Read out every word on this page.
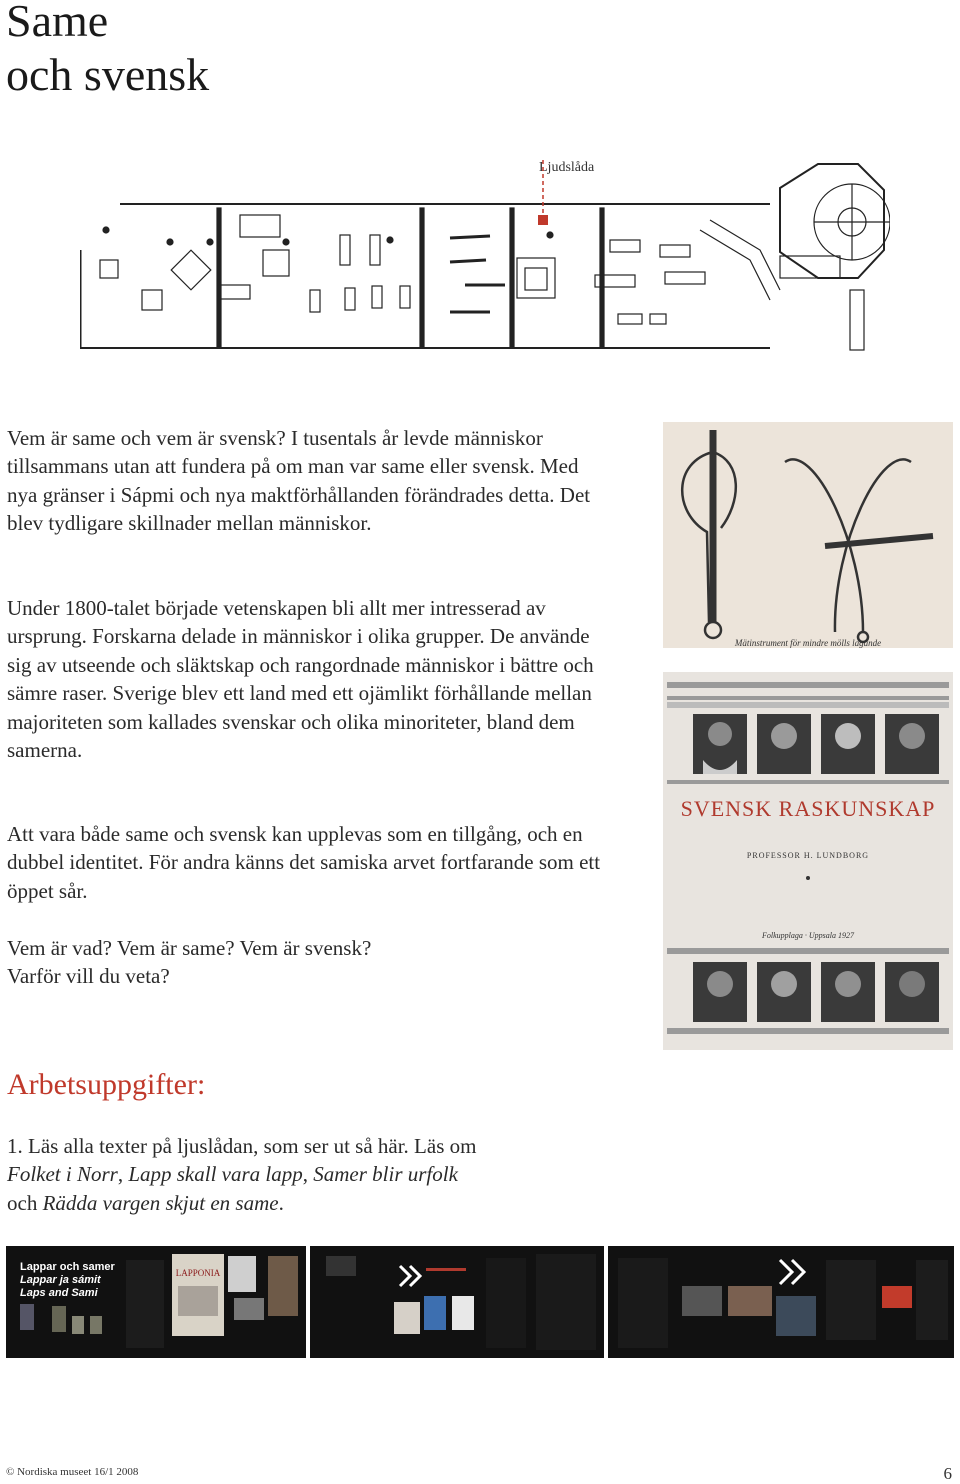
Same
och svensk
Ljudslåda

Vem är same och vem är svensk? I tusentals år levde människor tillsammans utan att fundera på om man var same eller svensk. Med nya gränser i Sápmi och nya maktförhållanden förändrades detta. Det blev tydligare skillnader mellan människor.

Under 1800-talet började vetenskapen bli allt mer intresserad av ursprung. Forskarna delade in människor i olika grupper. De använde sig av utseende och släktskap och rangordnade människor i bättre och sämre raser. Sverige blev ett land med ett ojämlikt förhållande mellan majoriteten som kallades svenskar och olika minoriteter, bland dem samerna.

Att vara både same och svensk kan upplevas som en tillgång, och en dubbel identitet. För andra känns det samiska arvet fortfarande som ett öppet sår.

Vem är vad? Vem är same? Vem är svensk?

Varför vill du veta?

Mätinstrument för mindre mölls lagande
SVENSK RASKUNSKAP
PROFESSOR H. LUNDBORG
Folkupplaga · Uppsala 1927
Arbetsuppgifter:
1. Läs alla texter på ljuslådan, som ser ut så här. Läs om Folket i Norr, Lapp skall vara lapp, Samer blir urfolk och Rädda vargen skjut en same.
Lappar och samer
Lappar ja sámit
Laps and Sami
LAPPONIA
© Nordiska museet 16/1 2008	6
